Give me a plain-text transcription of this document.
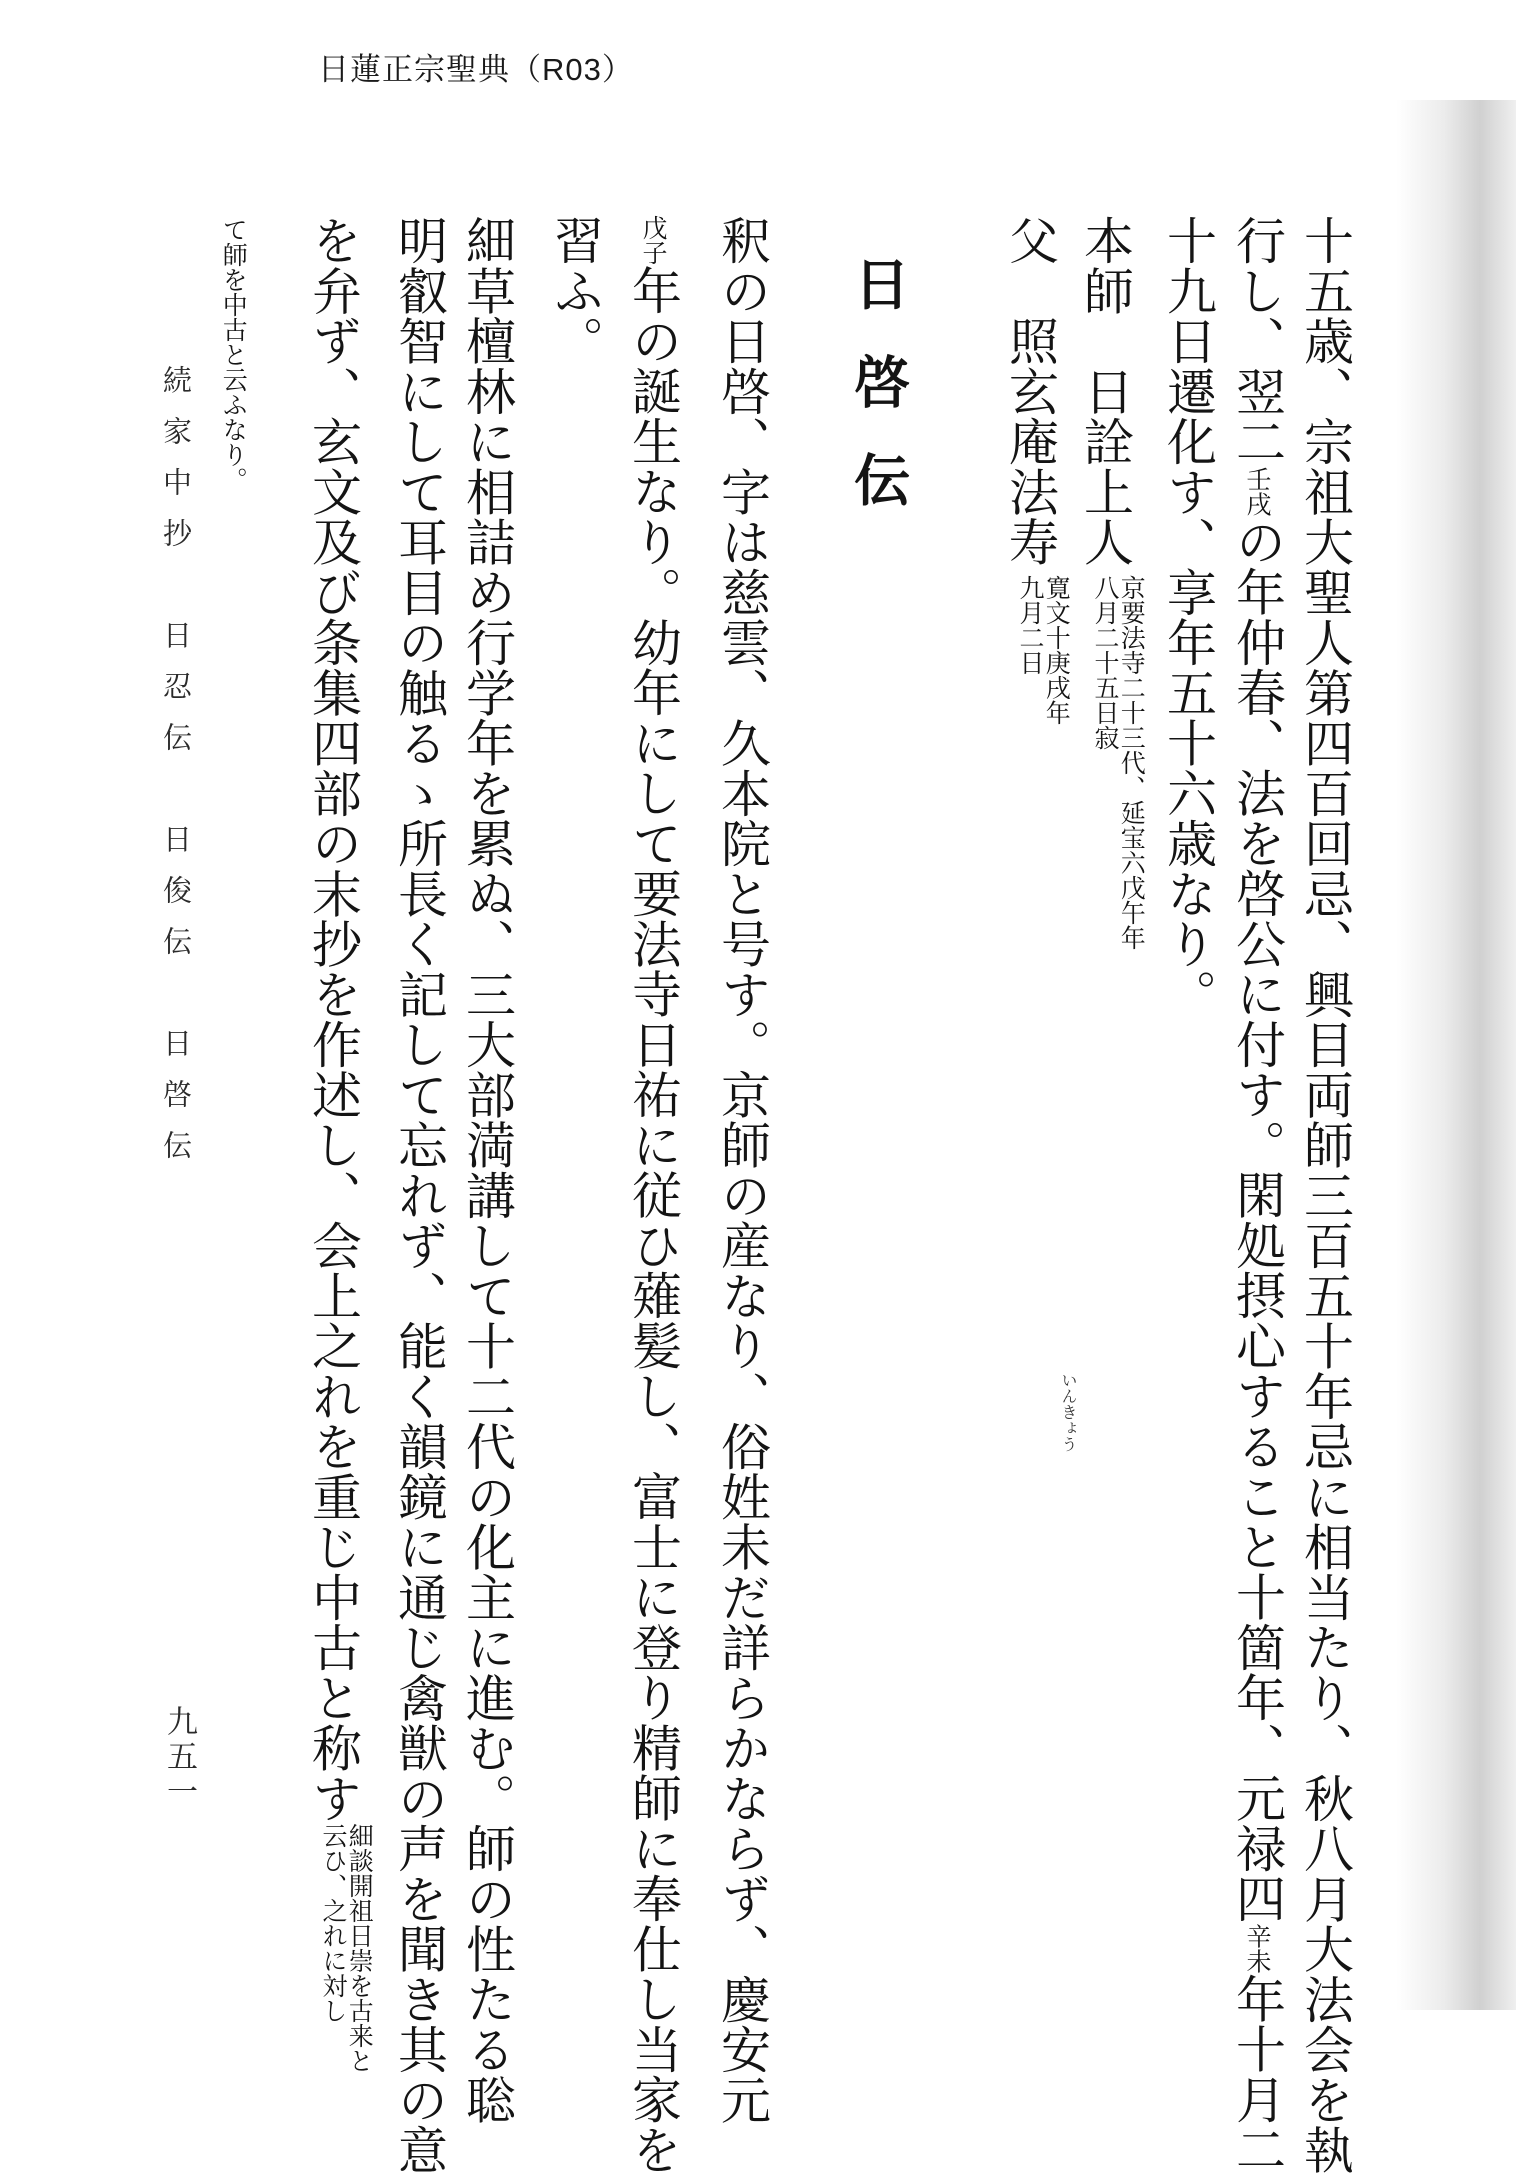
日蓮正宗聖典（R03）
十五歳、宗祖大聖人第四百回忌、興目両師三百五十年忌に相当たり、秋八月大法会を執
行し、翌二壬戌の年仲春、法を啓公に付す。閑処摂心すること十箇年、元禄四辛未年十月二
十九日遷化す、享年五十六歳なり。
本師　日詮上人京要法寺二十三代、延宝六戊午年八月二十五日寂
父　照玄庵法寿寛文十庚戌年九月二日
日啓伝
釈の日啓、字は慈雲、久本院と号す。京師の産なり、俗姓未だ詳らかならず、慶安元
戊子年の誕生なり。幼年にして要法寺日祐に従ひ薙髪し、富士に登り精師に奉仕し当家を
習ふ。
細草檀林に相詰め行学年を累ぬ、三大部満講して十二代の化主に進む。師の性たる聡	いんきょう
明叡智にして耳目の触るゝ所長く記して忘れず、能く韻鏡に通じ禽獣の声を聞き其の意
を弁ず、玄文及び条集四部の末抄を作述し、会上之れを重じ中古と称す細談開祖日崇を古来と云ひ、之れに対し
て師を中古と云ふなり。
続家中抄　日忍伝　日俊伝　日啓伝
九五一
